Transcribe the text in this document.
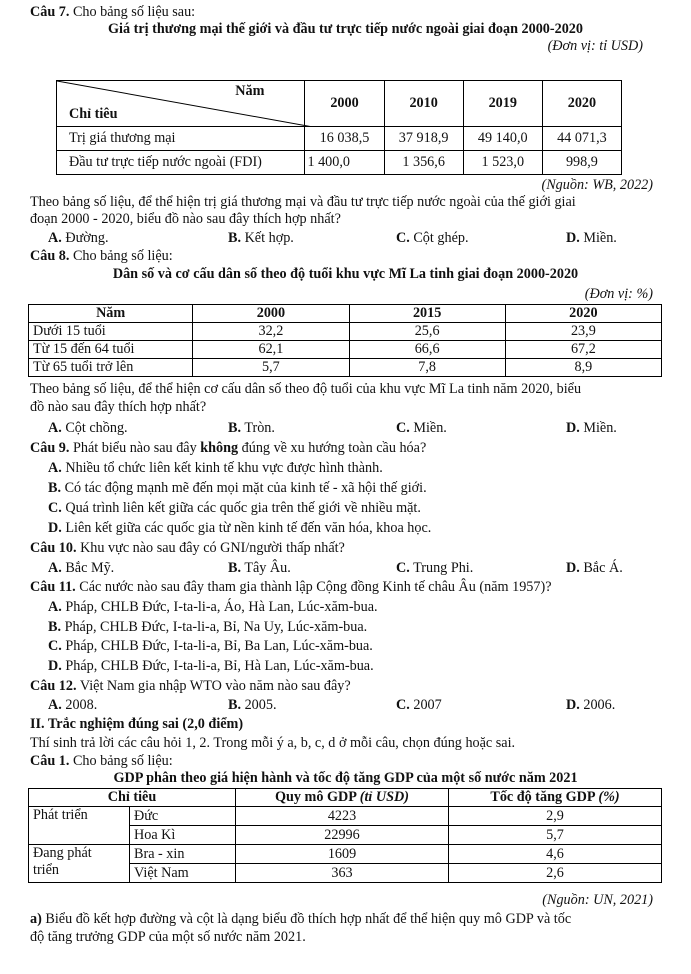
Câu 7. Cho bảng số liệu sau:
Giá trị thương mại thế giới và đầu tư trực tiếp nước ngoài giai đoạn 2000-2020
(Đơn vị: tỉ USD)
Năm
Chỉ tiêu	2000	2010	2019	2020
Trị giá thương mại	16 038,5	37 918,9	49 140,0	44 071,3
Đầu tư trực tiếp nước ngoài (FDI)	1 400,0	1 356,6	1 523,0	998,9
(Nguồn: WB, 2022)
Theo bảng số liệu, để thể hiện trị giá thương mại và đầu tư trực tiếp nước ngoài của thế giới giai
đoạn 2000 - 2020, biểu đồ nào sau đây thích hợp nhất?
A. Đường.	B. Kết hợp.	C. Cột ghép.	D. Miền.
Câu 8. Cho bảng số liệu:
Dân số và cơ cấu dân số theo độ tuổi khu vực Mĩ La tinh giai đoạn 2000-2020
(Đơn vị: %)
Năm	2000	2015	2020
Dưới 15 tuổi	32,2	25,6	23,9
Từ 15 đến 64 tuổi	62,1	66,6	67,2
Từ 65 tuổi trở lên	5,7	7,8	8,9
Theo bảng số liệu, để thể hiện cơ cấu dân số theo độ tuổi của khu vực Mĩ La tinh năm 2020, biểu
đồ nào sau đây thích hợp nhất?
A. Cột chồng.	B. Tròn.	C. Miền.	D. Miền.
Câu 9. Phát biểu nào sau đây không đúng về xu hướng toàn cầu hóa?
A. Nhiều tổ chức liên kết kinh tế khu vực được hình thành.
B. Có tác động mạnh mẽ đến mọi mặt của kinh tế - xã hội thế giới.
C. Quá trình liên kết giữa các quốc gia trên thế giới về nhiều mặt.
D. Liên kết giữa các quốc gia từ nền kinh tế đến văn hóa, khoa học.
Câu 10. Khu vực nào sau đây có GNI/người thấp nhất?
A. Bắc Mỹ.	B. Tây Âu.	C. Trung Phi.	D. Bắc Á.
Câu 11. Các nước nào sau đây tham gia thành lập Cộng đồng Kinh tế châu Âu (năm 1957)?
A. Pháp, CHLB Đức, I-ta-li-a, Áo, Hà Lan, Lúc-xăm-bua.
B. Pháp, CHLB Đức, I-ta-li-a, Bỉ, Na Uy, Lúc-xăm-bua.
C. Pháp, CHLB Đức, I-ta-li-a, Bỉ, Ba Lan, Lúc-xăm-bua.
D. Pháp, CHLB Đức, I-ta-li-a, Bỉ, Hà Lan, Lúc-xăm-bua.
Câu 12. Việt Nam gia nhập WTO vào năm nào sau đây?
A. 2008.	B. 2005.	C. 2007	D. 2006.
II. Trắc nghiệm đúng sai (2,0 điểm)
Thí sinh trả lời các câu hỏi 1, 2. Trong mỗi ý a, b, c, d ở mỗi câu, chọn đúng hoặc sai.
Câu 1. Cho bảng số liệu:
GDP phân theo giá hiện hành và tốc độ tăng GDP của một số nước năm 2021
Chỉ tiêu		Quy mô GDP (tỉ USD)	Tốc độ tăng GDP (%)
Phát triển	Đức	4223	2,9
	Hoa Kì	22996	5,7
Đang phát
triển	Bra - xin	1609	4,6
	Việt Nam	363	2,6
(Nguồn: UN, 2021)
a) Biểu đồ kết hợp đường và cột là dạng biểu đồ thích hợp nhất để thể hiện quy mô GDP và tốc
độ tăng trưởng GDP của một số nước năm 2021.
